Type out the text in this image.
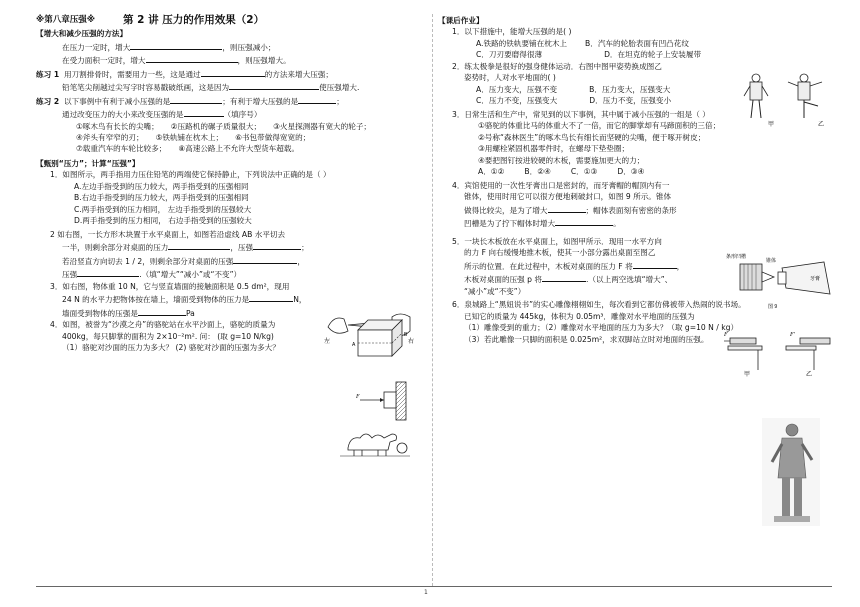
※第八章压强※	第 2 讲 压力的作用效果（2）
【增大和减少压强的方法】
在压力一定时，增大	，则压强减小；
在受力面积一定时，增大	，则压强增大。
练习 1 用刀割排骨时，需要用力一些，这是通过	的方法来增大压强；
铅笔笔尖削越过尖写字时容易戳破纸画，这是因为	使压强增大.
练习 2 以下事例中有利于减小压强的是	；有利于增大压强的是	；
通过改变压力的大小来改变压强的是	（填序号）
①啄木鸟有长长的尖嘴； ②压路机的碾子质量很大； ③火星探测器有宽大的轮子；
④斧头有窄窄的刃； ⑤铁轨铺在枕木上； ⑥书包带做得宽宽的；
⑦载重汽车的车轮比较多； ⑧高速公路上不允许大型货车超载。
【甄别“压力”；计算“压强”】
1．如图所示，两手指用力压住铅笔的两端使它保持静止，下列说法中正确的是（ ）
A.左边手指受到的压力较大，两手指受到的压强相同
B.右边手指受到的压力较大，两手指受到的压强相同
C.两手指受到的压力相同， 左边手指受到的压强较大
D.两手指受到的压力相同， 右边手指受到的压强较大
2 如右图，一长方形木块置于水平桌面上，如图若沿虚线 AB 水平切去
一半，则剩余部分对桌面的压力	，压强	；
若沿竖直方向切去 1 / 2，则剩余部分对桌面的压强	，
压强	.（填“增大”“减小”或“不变”）
3．如右图，物体重 10 N，它与竖直墙面的接触面积是 0.5 dm²，现用
24 N 的水平力把物体按在墙上，墙面受到物体的压力是	N，
墙面受到物体的压强是	Pa
4．如图，被誉为“沙漠之舟”的骆驼站在水平沙面上，骆驼的质量为
400kg，每只脚掌的面积为 2×10⁻²m². 问： (取 g=10 N/kg)
（1）骆驼对沙面的压力为多大？ (2) 骆驼对沙面的压强为多大？
左	右
A
B
F
【课后作业】
1．以下措施中，能增大压强的是( )
A.铁路的铁轨要铺在枕木上 B．汽车的轮胎表面有凹凸花纹
C．刀刃要磨得很薄	D．在坦克的轮子上安装履带
2．练太极拳是很好的强身健体运动．右图中图甲姿势换成图乙
姿势时，人对水平地面的( )
A．压力变大，压强不变	B．压力变大，压强变大
C．压力不变，压强变大	D．压力不变，压强变小
3．日常生活和生产中，常见到的以下事例，其中属于减小压强的一组是（ ）
①骆驼的体重比马的体重大不了一倍，而它的脚掌却有马蹄面积的三倍；
②号称“森林医生”的啄木鸟长有细长而坚硬的尖嘴，便于啄开树皮；
③用螺栓紧固机器零件时，在螺母下垫垫圈；
④要把图钉按进较硬的木板，需要施加更大的力；
A．①②	B．②④	C．①③	D．③④
4．宾馆使用的一次性牙膏出口是密封的，而牙膏帽的帽顶内有一
锥体，使用时用它可以很方便地刺破封口，如图 9 所示。锥体
做得比较尖，是为了增大	；帽体表面刻有密密的条形
凹槽是为了拧下帽体时增大	。
5．一块长木板放在水平桌面上，如图甲所示．现用一水平方向
的力 F 向右缓慢地推木板，使其一小部分露出桌面至图乙
所示的位置．在此过程中，木板对桌面的压力 F 将	，
木板对桌面的压强 p 将	.（以上两空选填“增大”、
“减小”或“不变”）
6．泉城路上“黑妞说书”的实心雕像栩栩如生，每次看到它都仿佛被带入热闹的说书场。
已知它的质量为 445kg，体积为 0.05m³．雕像对水平地面的压强为
（1）雕像受到的重力；（2）雕像对水平地面的压力为多大？（取 g=10 N / kg）
（3）若此雕像一只脚的面积是 0.025m²，求双脚站立时对地面的压强。
甲	乙
条形凹槽
锥体
牙膏
图 9
F	F′
甲	乙
1
